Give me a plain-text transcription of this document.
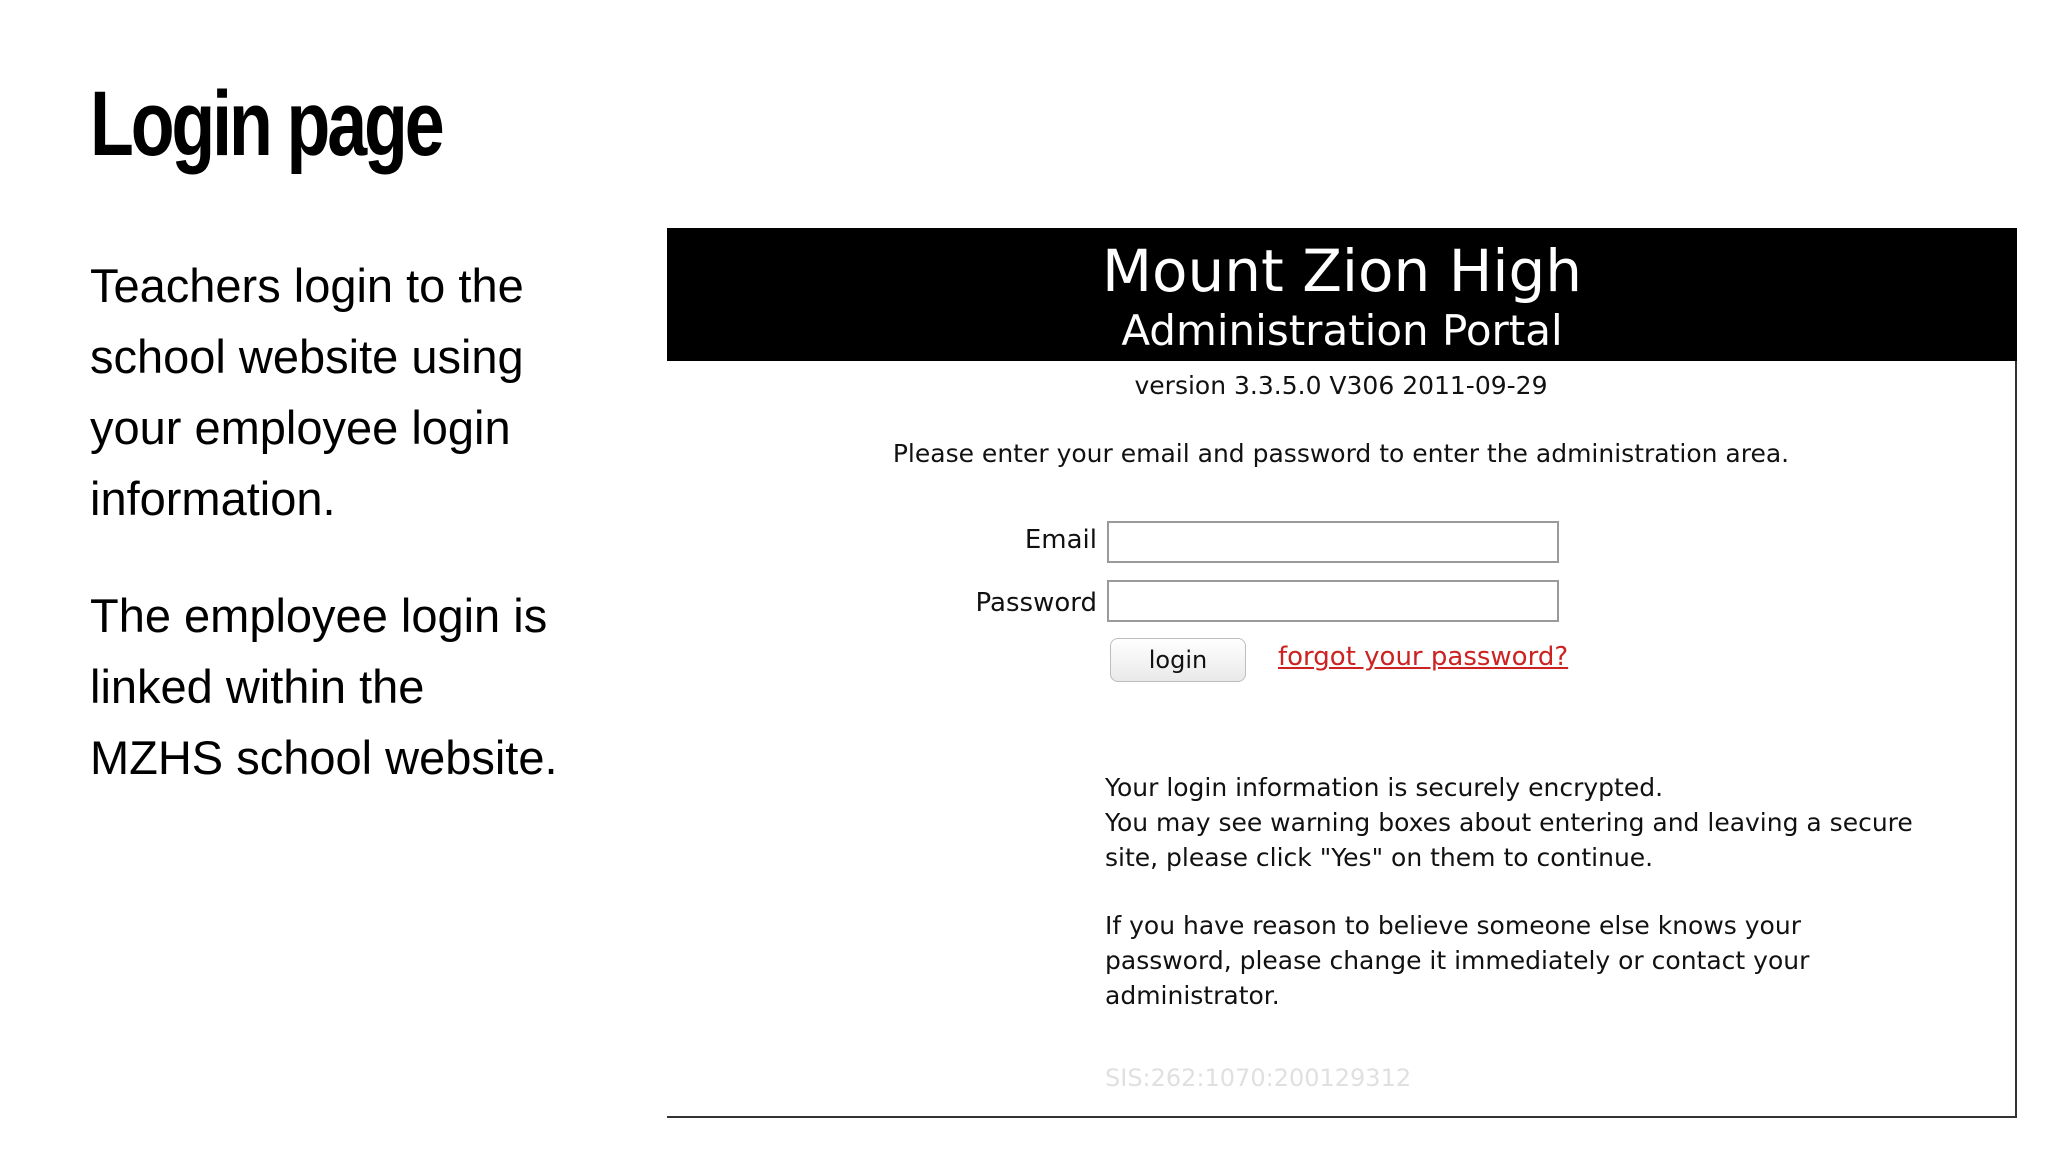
Login page

Teachers login to the school website using your employee login information.

The employee login is linked within the MZHS school website.

Mount Zion High
Administration Portal
version 3.3.5.0 V306 2011-09-29
Please enter your email and password to enter the administration area.
Email
Password
login	forgot your password?
Your login information is securely encrypted.
You may see warning boxes about entering and leaving a secure
site, please click "Yes" on them to continue.
If you have reason to believe someone else knows your
password, please change it immediately or contact your
administrator.
SIS:262:1070:200129312
